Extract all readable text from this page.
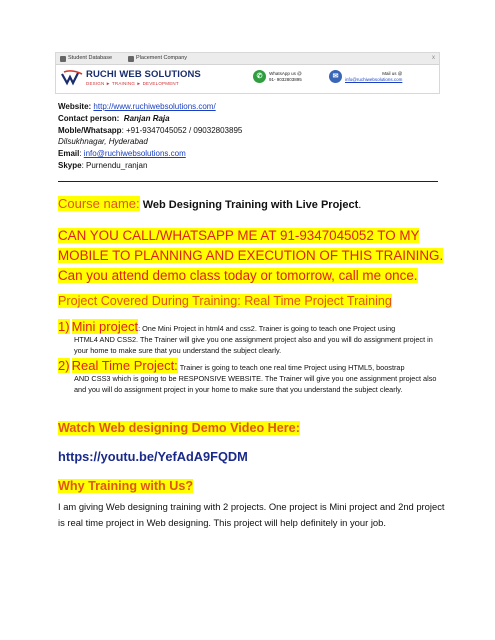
Student Database	Placement Company	x
RUCHI WEB SOLUTIONS
DESIGN ► TRAINING ► DEVELOPMENT
✆	WhatsApp us @
91- 9032803895	✉	Mail us @
info@ruchiwebsolutions.com
Website: http://www.ruchiwebsolutions.com/
Contact person: Ranjan Raja
Moble/Whatsapp: +91-9347045052 / 09032803895
Dilsukhnagar, Hyderabad
Email: info@ruchiwebsolutions.com
Skype: Purnendu_ranjan
Course name: Web Designing Training with Live Project.
CAN YOU CALL/WHATSAPP ME AT 91-9347045052 TO MY MOBILE TO PLANNING AND EXECUTION OF THIS TRAINING. Can you attend demo class today or tomorrow, call me once.
Project Covered During Training: Real Time Project Training
1) Mini project: One Mini Project in html4 and css2. Trainer is going to teach one Project using
HTML4 AND CSS2. The Trainer will give you one assignment project also and you will do assignment project in your home to make sure that you understand the subject clearly.
2) Real Time Project: Trainer is going to teach one real time Project using HTML5, boostrap
AND CSS3 which is going to be RESPONSIVE WEBSITE. The Trainer will give you one assignment project also and you will do assignment project in your home to make sure that you understand the subject clearly.
Watch Web designing Demo Video Here:
https://youtu.be/YefAdA9FQDM
Why Training with Us?
I am giving Web designing training with 2 projects. One project is Mini project and 2nd project is real time project in Web designing. This project will help definitely in your job.
